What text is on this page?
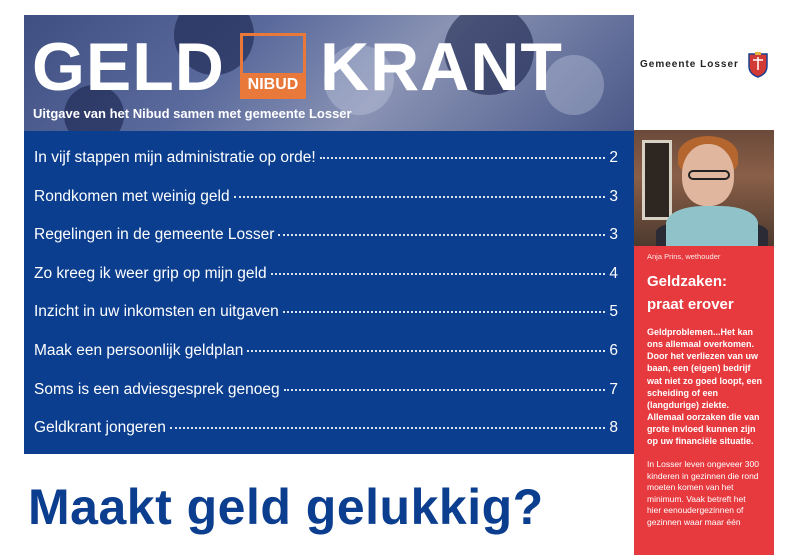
GELD NIBUD KRANT
Uitgave van het Nibud samen met gemeente Losser
Gemeente Losser
In vijf stappen mijn administratie op orde!	2
Rondkomen met weinig geld	3
Regelingen in de gemeente Losser	3
Zo kreeg ik weer grip op mijn geld	4
Inzicht in uw inkomsten en uitgaven	5
Maak een persoonlijk geldplan	6
Soms is een adviesgesprek genoeg	7
Geldkrant jongeren	8
Maakt geld gelukkig?
Anja Prins, wethouder
Geldzaken: praat erover
Geldproblemen...Het kan ons allemaal overkomen. Door het verliezen van uw baan, een (eigen) bedrijf wat niet zo goed loopt, een scheiding of een (langdurige) ziekte. Allemaal oorzaken die van grote invloed kunnen zijn op uw financiële situatie.
In Losser leven ongeveer 300 kinderen in gezinnen die rond moeten komen van het minimum. Vaak betreft het hier eenoudergezinnen of gezinnen waar maar één
